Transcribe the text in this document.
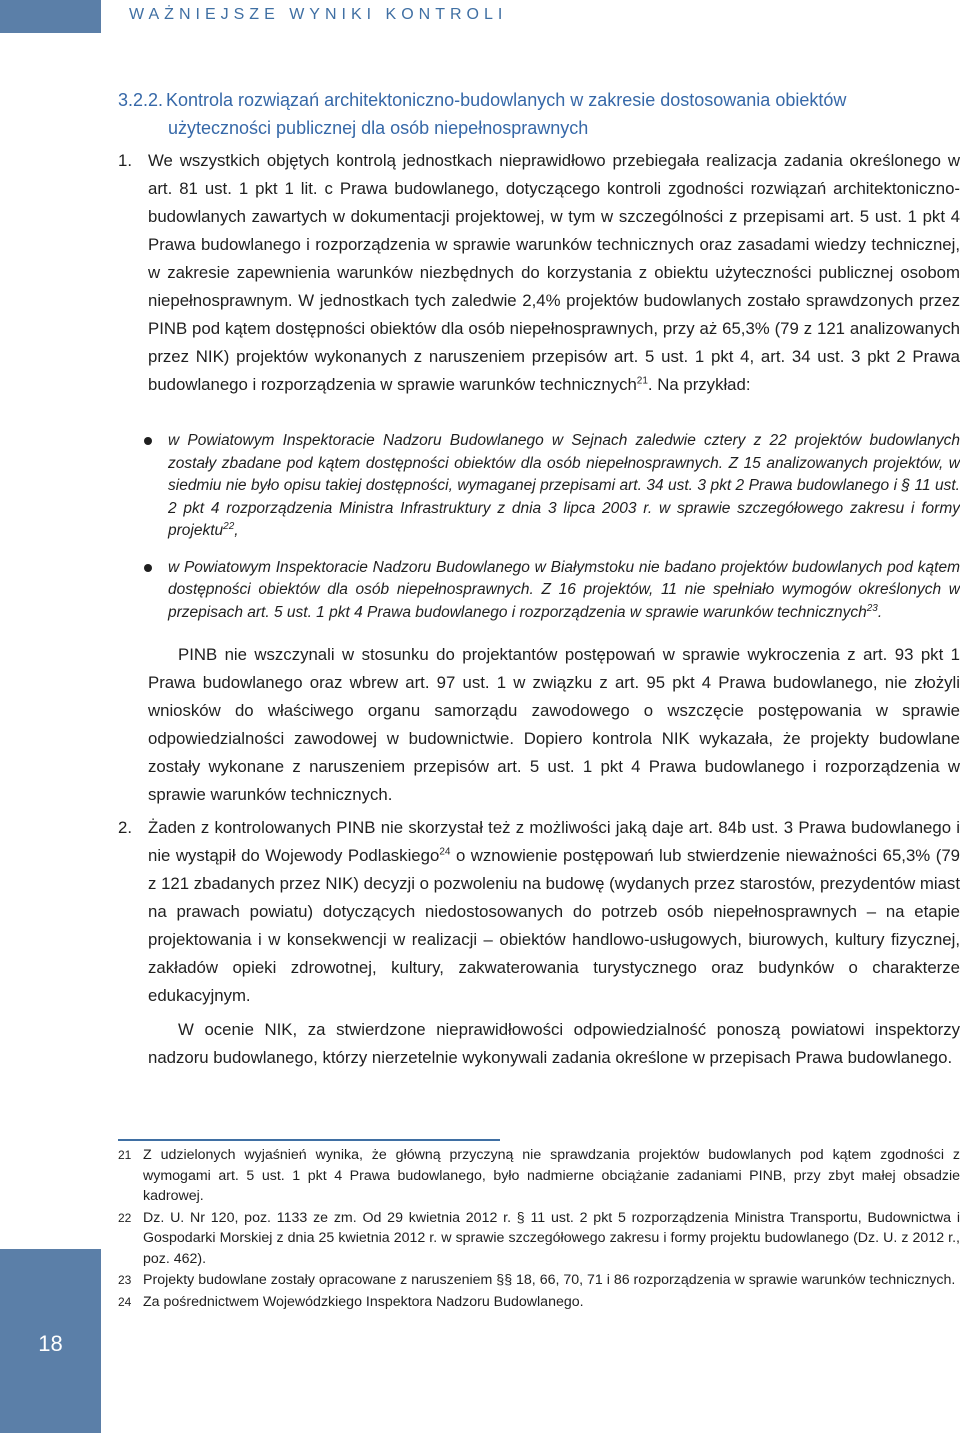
WAŻNIEJSZE WYNIKI KONTROLI
3.2.2. Kontrola rozwiązań architektoniczno-budowlanych w zakresie dostosowania obiektów
użyteczności publicznej dla osób niepełnosprawnych
1. We wszystkich objętych kontrolą jednostkach nieprawidłowo przebiegała realizacja zadania określonego w art. 81 ust. 1 pkt 1 lit. c Prawa budowlanego, dotyczącego kontroli zgodności rozwiązań architektoniczno-budowlanych zawartych w dokumentacji projektowej, w tym w szczególności z przepisami art. 5 ust. 1 pkt 4 Prawa budowlanego i rozporządzenia w sprawie warunków technicznych oraz zasadami wiedzy technicznej, w zakresie zapewnienia warunków niezbędnych do korzystania z obiektu użyteczności publicznej osobom niepełnosprawnym. W jednostkach tych zaledwie 2,4% projektów budowlanych zostało sprawdzonych przez PINB pod kątem dostępności obiektów dla osób niepełnosprawnych, przy aż 65,3% (79 z 121 analizowanych przez NIK) projektów wykonanych z naruszeniem przepisów art. 5 ust. 1 pkt 4, art. 34 ust. 3 pkt 2 Prawa budowlanego i rozporządzenia w sprawie warunków technicznych$^{21}$. Na przykład:
w Powiatowym Inspektoracie Nadzoru Budowlanego w Sejnach zaledwie cztery z 22 projektów budowlanych zostały zbadane pod kątem dostępności obiektów dla osób niepełnosprawnych. Z 15 analizowanych projektów, w siedmiu nie było opisu takiej dostępności, wymaganej przepisami art. 34 ust. 3 pkt 2 Prawa budowlanego i § 11 ust. 2 pkt 4 rozporządzenia Ministra Infrastruktury z dnia 3 lipca 2003 r. w sprawie szczegółowego zakresu i formy projektu$^{22}$,
w Powiatowym Inspektoracie Nadzoru Budowlanego w Białymstoku nie badano projektów budowlanych pod kątem dostępności obiektów dla osób niepełnosprawnych. Z 16 projektów, 11 nie spełniało wymogów określonych w przepisach art. 5 ust. 1 pkt 4 Prawa budowlanego i rozporządzenia w sprawie warunków technicznych$^{23}$.
PINB nie wszczynali w stosunku do projektantów postępowań w sprawie wykroczenia z art. 93 pkt 1 Prawa budowlanego oraz wbrew art. 97 ust. 1 w związku z art. 95 pkt 4 Prawa budowlanego, nie złożyli wniosków do właściwego organu samorządu zawodowego o wszczęcie postępowania w sprawie odpowiedzialności zawodowej w budownictwie. Dopiero kontrola NIK wykazała, że projekty budowlane zostały wykonane z naruszeniem przepisów art. 5 ust. 1 pkt 4 Prawa budowlanego i rozporządzenia w sprawie warunków technicznych.
2. Żaden z kontrolowanych PINB nie skorzystał też z możliwości jaką daje art. 84b ust. 3 Prawa budowlanego i nie wystąpił do Wojewody Podlaskiego$^{24}$ o wznowienie postępowań lub stwierdzenie nieważności 65,3% (79 z 121 zbadanych przez NIK) decyzji o pozwoleniu na budowę (wydanych przez starostów, prezydentów miast na prawach powiatu) dotyczących niedostosowanych do potrzeb osób niepełnosprawnych – na etapie projektowania i w konsekwencji w realizacji – obiektów handlowo-usługowych, biurowych, kultury fizycznej, zakładów opieki zdrowotnej, kultury, zakwaterowania turystycznego oraz budynków o charakterze edukacyjnym.
W ocenie NIK, za stwierdzone nieprawidłowości odpowiedzialność ponoszą powiatowi inspektorzy nadzoru budowlanego, którzy nierzetelnie wykonywali zadania określone w przepisach Prawa budowlanego.
21 Z udzielonych wyjaśnień wynika, że główną przyczyną nie sprawdzania projektów budowlanych pod kątem zgodności z wymogami art. 5 ust. 1 pkt 4 Prawa budowlanego, było nadmierne obciążanie zadaniami PINB, przy zbyt małej obsadzie kadrowej.
22 Dz. U. Nr 120, poz. 1133 ze zm. Od 29 kwietnia 2012 r. § 11 ust. 2 pkt 5 rozporządzenia Ministra Transportu, Budownictwa i Gospodarki Morskiej z dnia 25 kwietnia 2012 r. w sprawie szczegółowego zakresu i formy projektu budowlanego (Dz. U. z 2012 r., poz. 462).
23 Projekty budowlane zostały opracowane z naruszeniem §§ 18, 66, 70, 71 i 86 rozporządzenia w sprawie warunków technicznych.
24 Za pośrednictwem Wojewódzkiego Inspektora Nadzoru Budowlanego.
18
